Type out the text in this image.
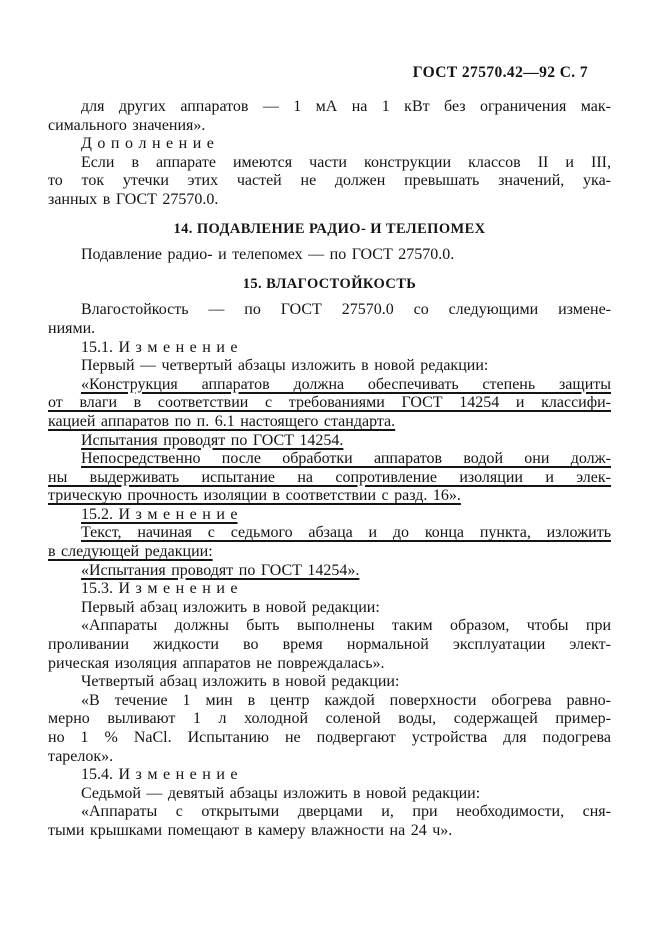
ГОСТ 27570.42—92 С. 7
для других аппаратов — 1 мА на 1 кВт без ограничения мак-
симального значения».
Д о п о л н е н и е
Если в аппарате имеются части конструкции классов II и III,
то ток утечки этих частей не должен превышать значений, ука-
занных в ГОСТ 27570.0.
14. ПОДАВЛЕНИЕ РАДИО- И ТЕЛЕПОМЕХ
Подавление радио- и телепомех — по ГОСТ 27570.0.
15. ВЛАГОСТОЙКОСТЬ
Влагостойкость — по ГОСТ 27570.0 со следующими измене-
ниями.
15.1. И з м е н е н и е
Первый — четвертый абзацы изложить в новой редакции:
«Конструкция аппаратов должна обеспечивать степень защиты
от влаги в соответствии с требованиями ГОСТ 14254 и классифи-
кацией аппаратов по п. 6.1 настоящего стандарта.
Испытания проводят по ГОСТ 14254.
Непосредственно после обработки аппаратов водой они долж-
ны выдерживать испытание на сопротивление изоляции и элек-
трическую прочность изоляции в соответствии с разд. 16».
15.2. И з м е н е н и е
Текст, начиная с седьмого абзаца и до конца пункта, изложить
в следующей редакции:
«Испытания проводят по ГОСТ 14254».
15.3. И з м е н е н и е
Первый абзац изложить в новой редакции:
«Аппараты должны быть выполнены таким образом, чтобы при
проливании жидкости во время нормальной эксплуатации элект-
рическая изоляция аппаратов не повреждалась».
Четвертый абзац изложить в новой редакции:
«В течение 1 мин в центр каждой поверхности обогрева равно-
мерно выливают 1 л холодной соленой воды, содержащей пример-
но 1 % NaCl. Испытанию не подвергают устройства для подогрева
тарелок».
15.4. И з м е н е н и е
Седьмой — девятый абзацы изложить в новой редакции:
«Аппараты с открытыми дверцами и, при необходимости, сня-
тыми крышками помещают в камеру влажности на 24 ч».
